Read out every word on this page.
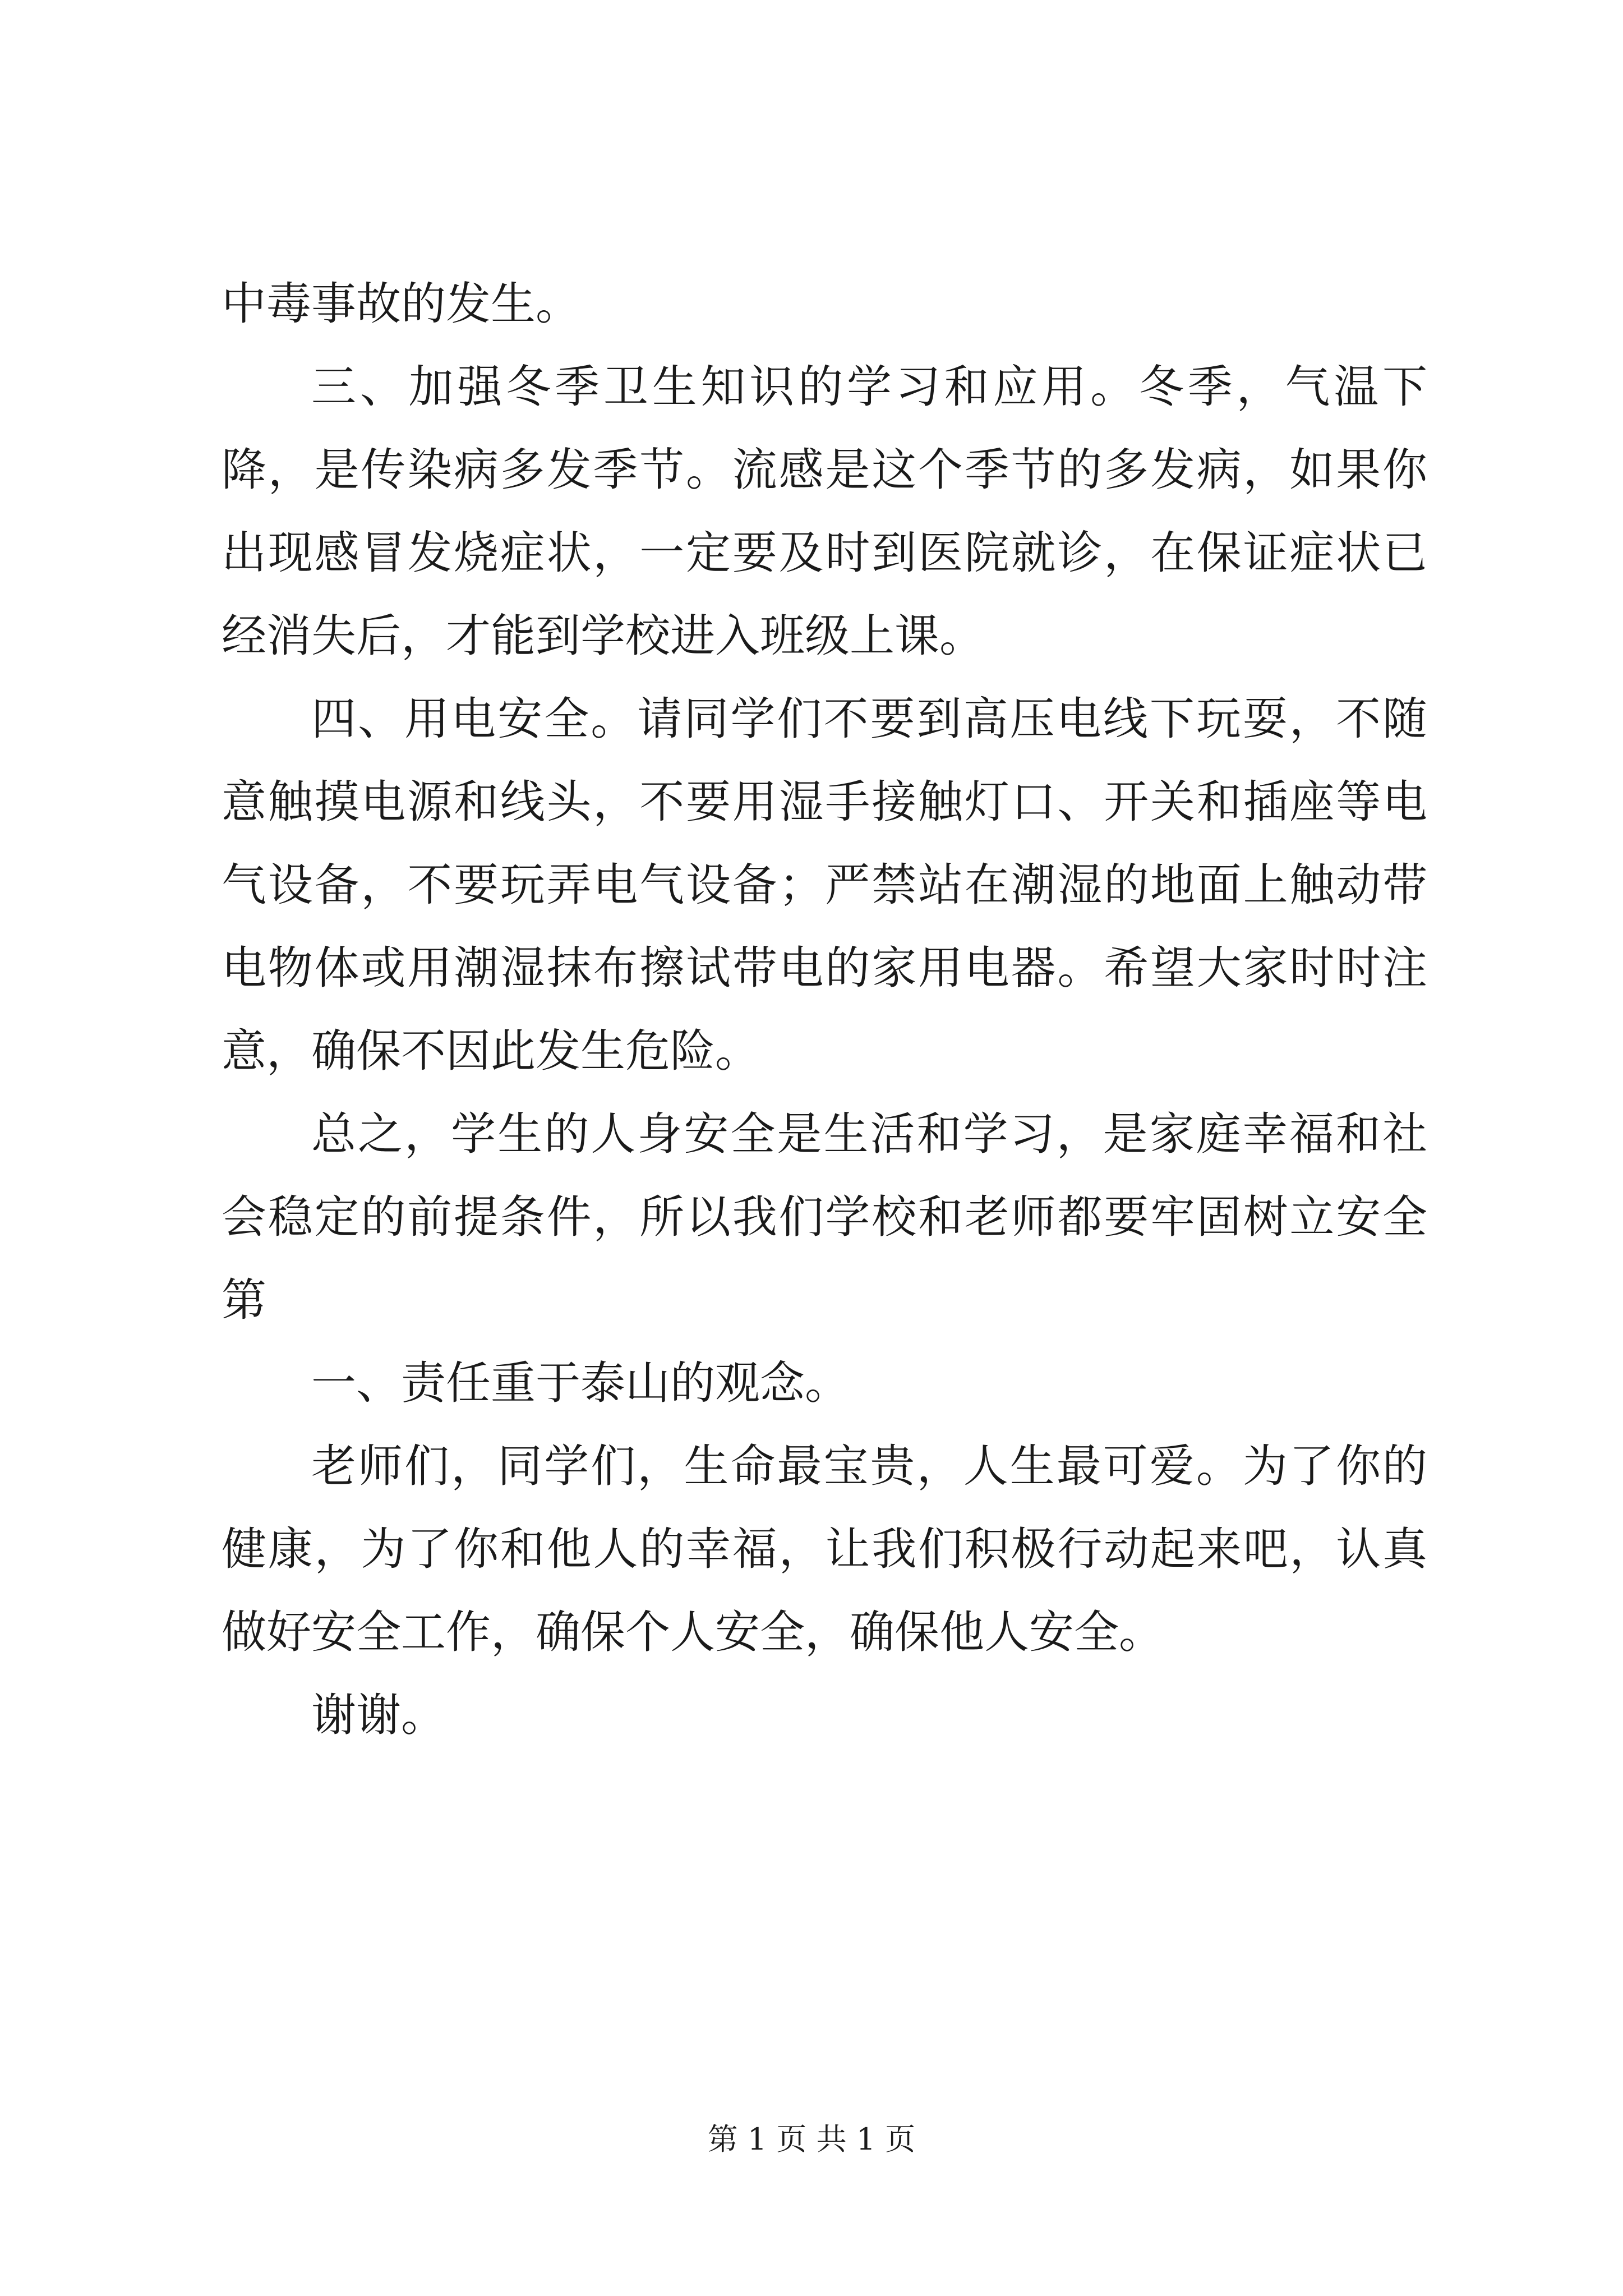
中毒事故的发生。

三、加强冬季卫生知识的学习和应用。冬季，气温下降，是传染病多发季节。流感是这个季节的多发病，如果你出现感冒发烧症状，一定要及时到医院就诊，在保证症状已经消失后，才能到学校进入班级上课。

四、用电安全。请同学们不要到高压电线下玩耍，不随意触摸电源和线头，不要用湿手接触灯口、开关和插座等电气设备，不要玩弄电气设备；严禁站在潮湿的地面上触动带电物体或用潮湿抹布擦试带电的家用电器。希望大家时时注意，确保不因此发生危险。

总之，学生的人身安全是生活和学习，是家庭幸福和社会稳定的前提条件，所以我们学校和老师都要牢固树立安全第

一、责任重于泰山的观念。

老师们，同学们，生命最宝贵，人生最可爱。为了你的健康，为了你和他人的幸福，让我们积极行动起来吧，认真做好安全工作，确保个人安全，确保他人安全。

谢谢。

第 1 页 共 1 页
